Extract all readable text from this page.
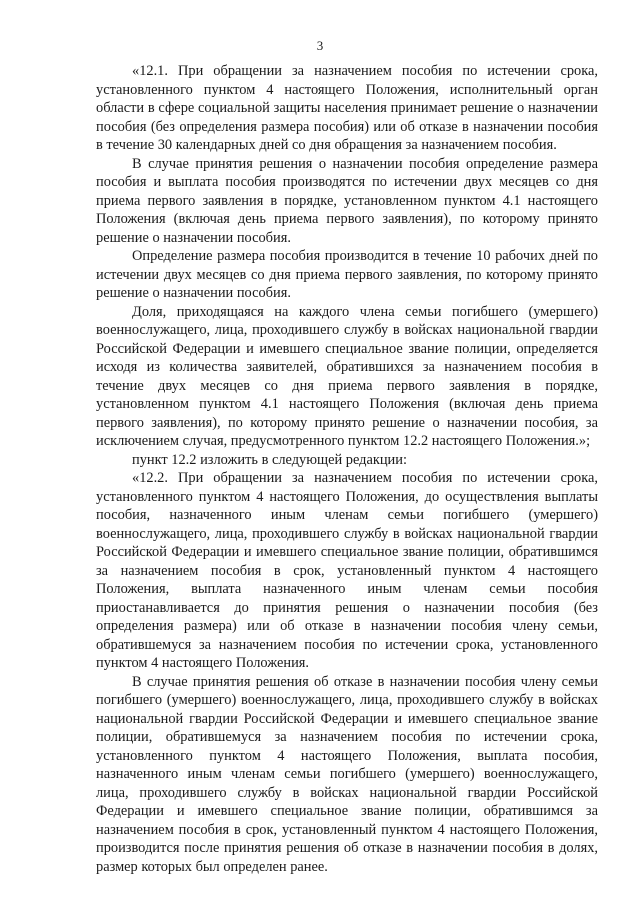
3

«12.1. При обращении за назначением пособия по истечении срока, установленного пунктом 4 настоящего Положения, исполнительный орган области в сфере социальной защиты населения принимает решение о назначении пособия (без определения размера пособия) или об отказе в назначении пособия в течение 30 календарных дней со дня обращения за назначением пособия.

В случае принятия решения о назначении пособия определение размера пособия и выплата пособия производятся по истечении двух месяцев со дня приема первого заявления в порядке, установленном пунктом 4.1 настоящего Положения (включая день приема первого заявления), по которому принято решение о назначении пособия.

Определение размера пособия производится в течение 10 рабочих дней по истечении двух месяцев со дня приема первого заявления, по которому принято решение о назначении пособия.

Доля, приходящаяся на каждого члена семьи погибшего (умершего) военнослужащего, лица, проходившего службу в войсках национальной гвардии Российской Федерации и имевшего специальное звание полиции, определяется исходя из количества заявителей, обратившихся за назначением пособия в течение двух месяцев со дня приема первого заявления в порядке, установленном пунктом 4.1 настоящего Положения (включая день приема первого заявления), по которому принято решение о назначении пособия, за исключением случая, предусмотренного пунктом 12.2 настоящего Положения.»;

пункт 12.2 изложить в следующей редакции:

«12.2. При обращении за назначением пособия по истечении срока, установленного пунктом 4 настоящего Положения, до осуществления выплаты пособия, назначенного иным членам семьи погибшего (умершего) военнослужащего, лица, проходившего службу в войсках национальной гвардии Российской Федерации и имевшего специальное звание полиции, обратившимся за назначением пособия в срок, установленный пунктом 4 настоящего Положения, выплата назначенного иным членам семьи пособия приостанавливается до принятия решения о назначении пособия (без определения размера) или об отказе в назначении пособия члену семьи, обратившемуся за назначением пособия по истечении срока, установленного пунктом 4 настоящего Положения.

В случае принятия решения об отказе в назначении пособия члену семьи погибшего (умершего) военнослужащего, лица, проходившего службу в войсках национальной гвардии Российской Федерации и имевшего специальное звание полиции, обратившемуся за назначением пособия по истечении срока, установленного пунктом 4 настоящего Положения, выплата пособия, назначенного иным членам семьи погибшего (умершего) военнослужащего, лица, проходившего службу в войсках национальной гвардии Российской Федерации и имевшего специальное звание полиции, обратившимся за назначением пособия в срок, установленный пунктом 4 настоящего Положения, производится после принятия решения об отказе в назначении пособия в долях, размер которых был определен ранее.
